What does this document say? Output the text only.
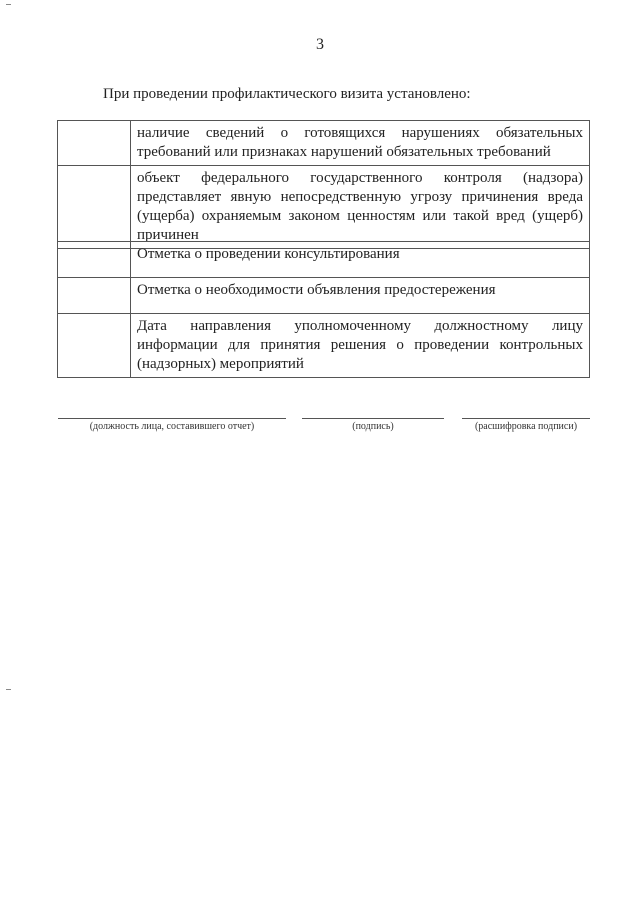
3
При проведении профилактического визита установлено:
	наличие сведений о готовящихся нарушениях обязательных требований или признаках нарушений обязательных требований
	объект федерального государственного контроля (надзора) представляет явную непосредственную угрозу причинения вреда (ущерба) охраняемым законом ценностям или такой вред (ущерб) причинен
	Отметка о проведении консультирования
	Отметка о необходимости объявления предостережения
	Дата направления уполномоченному должностному лицу информации для принятия решения о проведении контрольных (надзорных) мероприятий
(должность лица, составившего отчет)	(подпись)	(расшифровка подписи)
